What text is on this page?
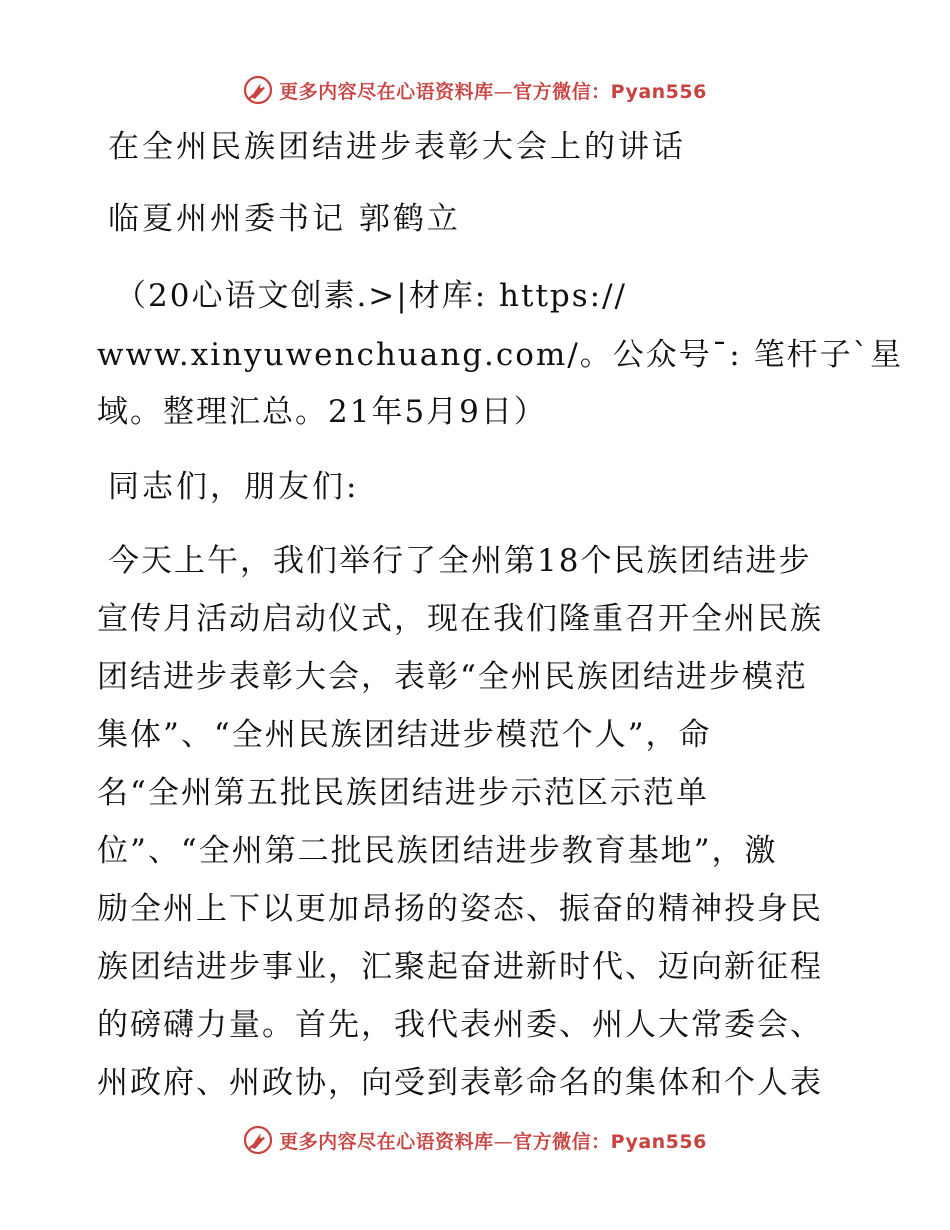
更多内容尽在心语资料库—官方微信：Pyan556
在全州民族团结进步表彰大会上的讲话
临夏州州委书记 郭鹤立
（20心语文创素.>|材库: https://
www.xinyuwenchuang.com/。公众号¯: 笔杆子`星
域。整理汇总。21年5月9日）
同志们，朋友们:
今天上午，我们举行了全州第18个民族团结进步
宣传月活动启动仪式，现在我们隆重召开全州民族
团结进步表彰大会，表彰“全州民族团结进步模范
集体”、“全州民族团结进步模范个人”，命
名“全州第五批民族团结进步示范区示范单
位”、“全州第二批民族团结进步教育基地”，激
励全州上下以更加昂扬的姿态、振奋的精神投身民
族团结进步事业，汇聚起奋进新时代、迈向新征程
的磅礴力量。首先，我代表州委、州人大常委会、
州政府、州政协，向受到表彰命名的集体和个人表
更多内容尽在心语资料库—官方微信：Pyan556
